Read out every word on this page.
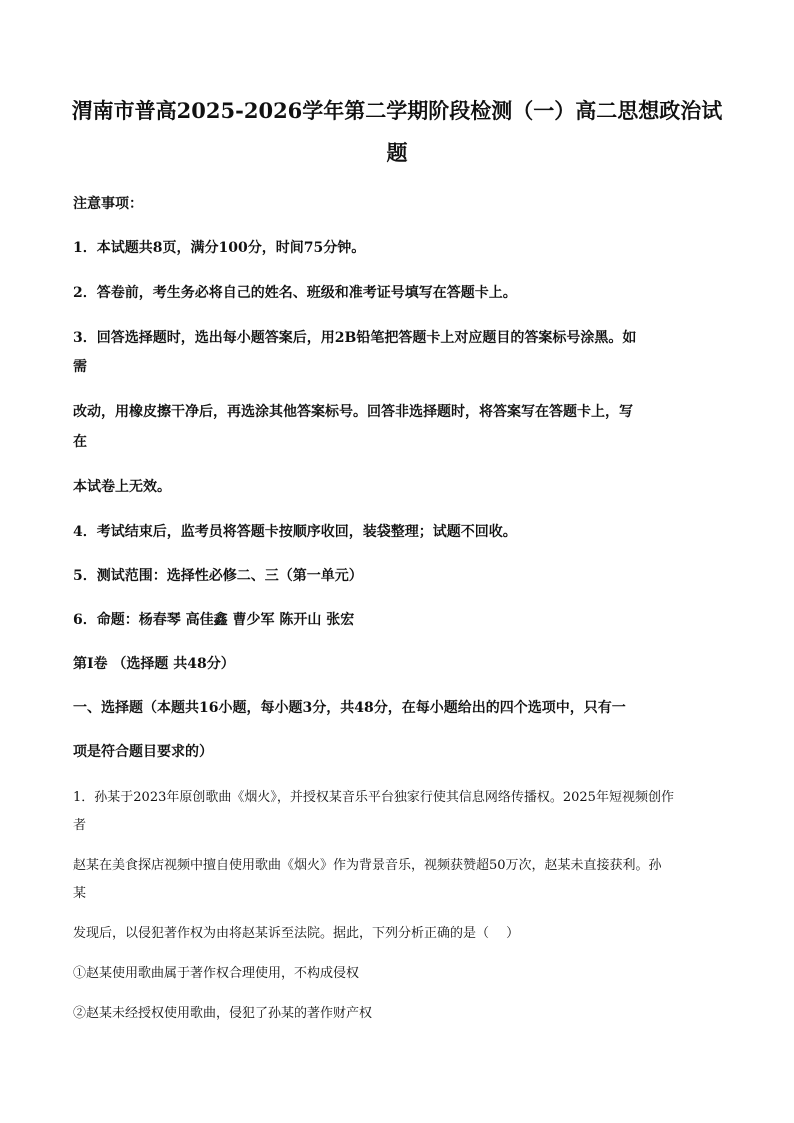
渭南市普高2025-2026学年第二学期阶段检测（一）高二思想政治试
题
注意事项：
1．本试题共8页，满分100分，时间75分钟。
2．答卷前，考生务必将自己的姓名、班级和准考证号填写在答题卡上。
3．回答选择题时，选出每小题答案后，用2B铅笔把答题卡上对应题目的答案标号涂黑。如
需
改动，用橡皮擦干净后，再选涂其他答案标号。回答非选择题时，将答案写在答题卡上，写
在
本试卷上无效。
4．考试结束后，监考员将答题卡按顺序收回，装袋整理；试题不回收。
5．测试范围：选择性必修二、三（第一单元）
6．命题：杨春琴 高佳鑫 曹少军 陈开山 张宏
第Ⅰ卷 （选择题 共48分）
一、选择题（本题共16小题，每小题3分，共48分，在每小题给出的四个选项中，只有一
项是符合题目要求的）
1．孙某于2023年原创歌曲《烟火》，并授权某音乐平台独家行使其信息网络传播权。2025年短视频创作
者
赵某在美食探店视频中擅自使用歌曲《烟火》作为背景音乐，视频获赞超50万次，赵某未直接获利。孙
某
发现后，以侵犯著作权为由将赵某诉至法院。据此，下列分析正确的是（　 ）
①赵某使用歌曲属于著作权合理使用，不构成侵权
②赵某未经授权使用歌曲，侵犯了孙某的著作财产权
